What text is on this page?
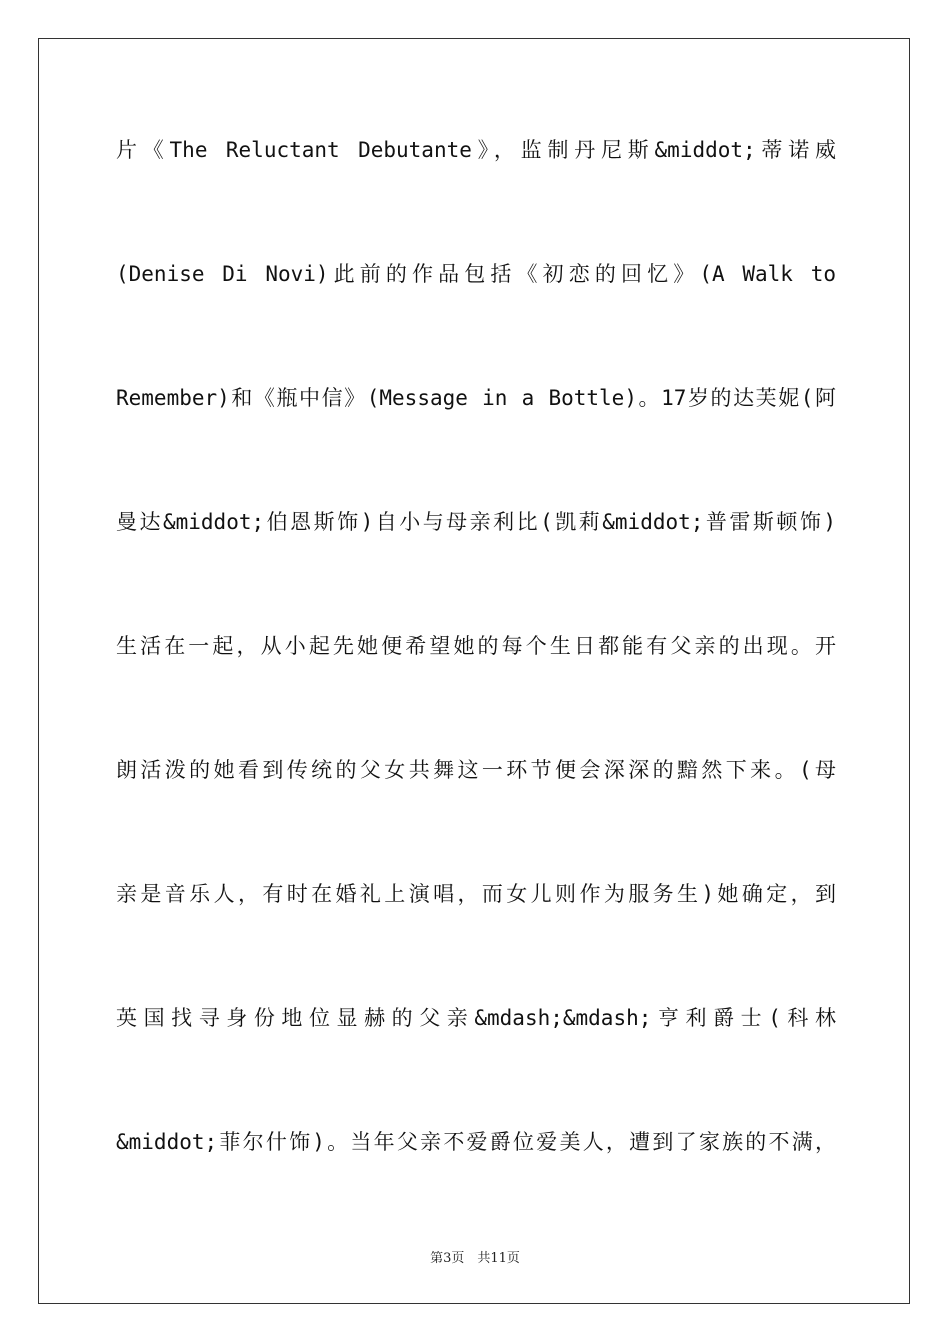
片《The Reluctant Debutante》，监制丹尼斯&middot;蒂诺威
(Denise Di Novi)此前的作品包括《初恋的回忆》(A Walk to
Remember)和《瓶中信》(Message in a Bottle)。17岁的达芙妮(阿
曼达&middot;伯恩斯饰)自小与母亲利比(凯莉&middot;普雷斯顿饰)
生活在一起，从小起先她便希望她的每个生日都能有父亲的出现。开
朗活泼的她看到传统的父女共舞这一环节便会深深的黯然下来。(母
亲是音乐人，有时在婚礼上演唱，而女儿则作为服务生)她确定，到
英国找寻身份地位显赫的父亲&mdash;&mdash;亨利爵士(科林
&middot;菲尔什饰)。当年父亲不爱爵位爱美人，遭到了家族的不满，
第3页　共11页
